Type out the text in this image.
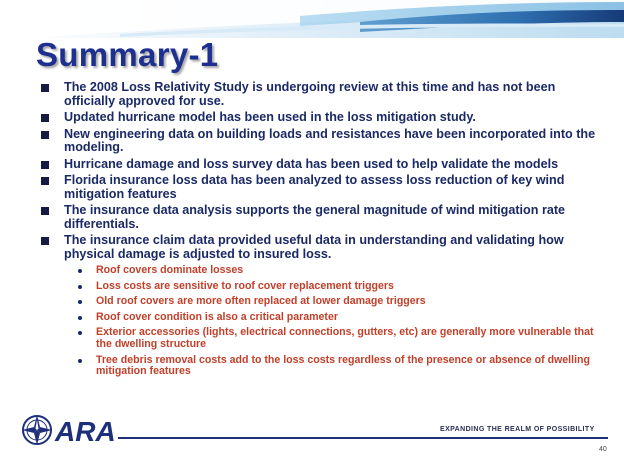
Summary-1
The 2008 Loss Relativity Study is undergoing review at this time and has not been officially approved for use.
Updated hurricane model has been used in the loss mitigation study.
New engineering data on building loads and resistances have been incorporated into the modeling.
Hurricane damage and loss survey data has been used to help validate the models
Florida insurance loss data has been analyzed to assess loss reduction of key wind mitigation features
The insurance data analysis supports the general magnitude of wind mitigation rate differentials.
The insurance claim data provided useful data in understanding and validating how physical damage is adjusted to insured loss.
Roof covers dominate losses
Loss costs are sensitive to roof cover replacement triggers
Old roof covers are more often replaced at lower damage triggers
Roof cover condition is also a critical parameter
Exterior accessories (lights, electrical connections, gutters, etc) are generally more vulnerable that the dwelling structure
Tree debris removal costs add to the loss costs regardless of the presence or absence of dwelling mitigation features
ARA	EXPANDING THE REALM OF POSSIBILITY
40
